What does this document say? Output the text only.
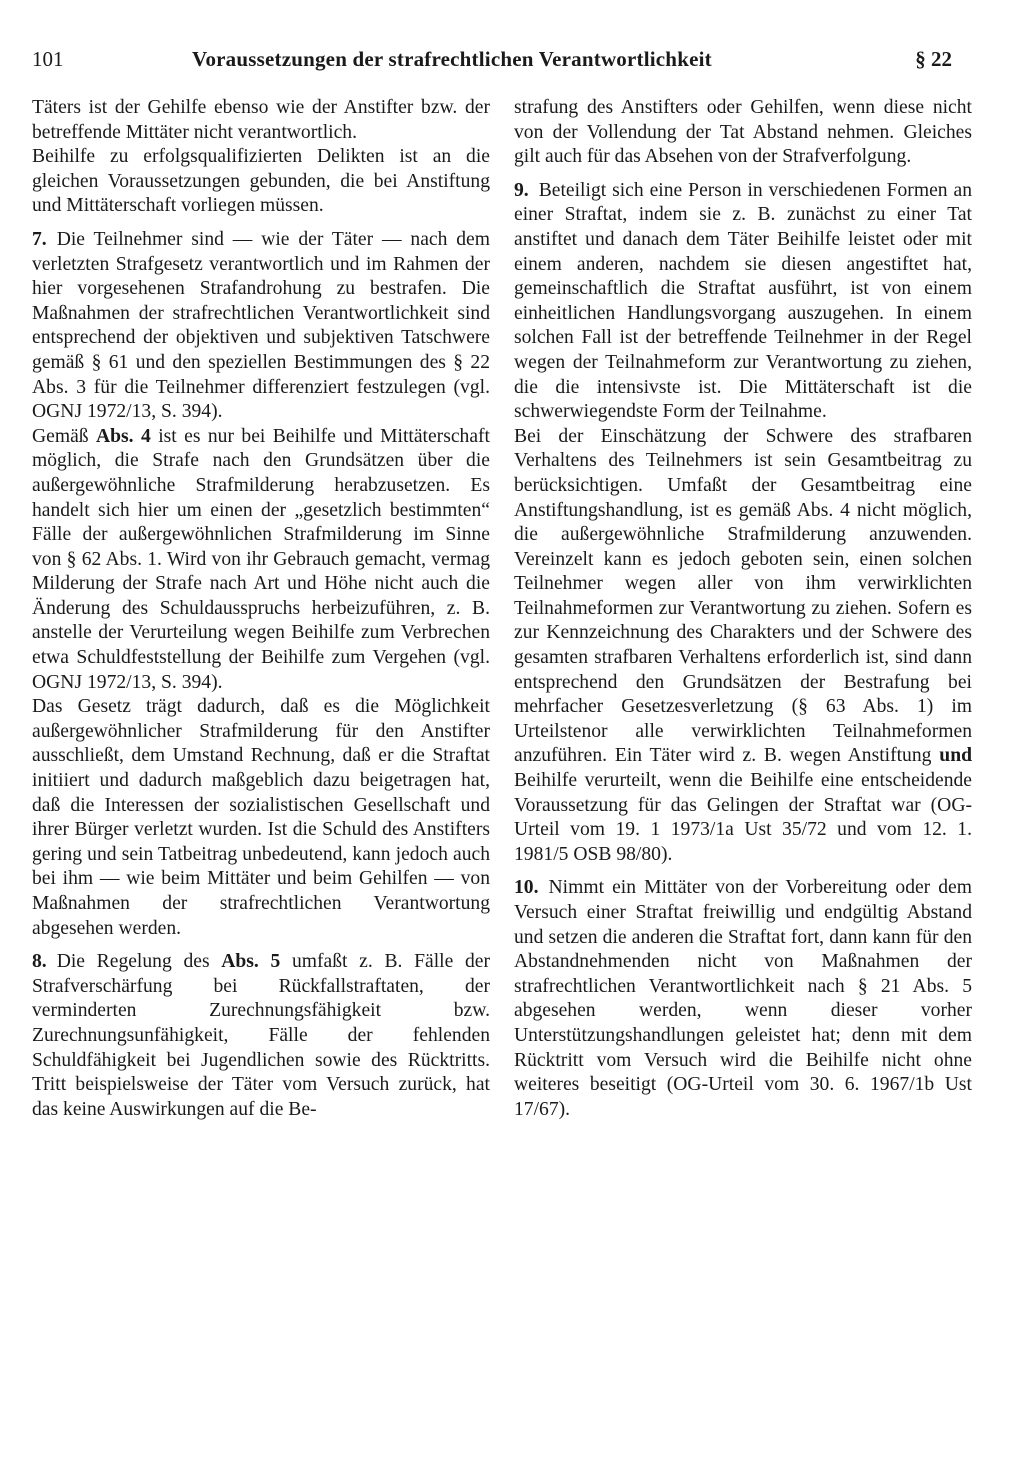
101	Voraussetzungen der strafrechtlichen Verantwortlichkeit	§ 22

Täters ist der Gehilfe ebenso wie der Anstifter bzw. der betreffende Mittäter nicht verantwortlich.

Beihilfe zu erfolgsqualifizierten Delikten ist an die gleichen Voraussetzungen gebunden, die bei Anstiftung und Mittäterschaft vorliegen müssen.

7. Die Teilnehmer sind — wie der Täter — nach dem verletzten Strafgesetz verantwortlich und im Rahmen der hier vorgesehenen Strafandrohung zu bestrafen. Die Maßnahmen der strafrechtlichen Verantwortlichkeit sind entsprechend der objektiven und subjektiven Tatschwere gemäß § 61 und den speziellen Bestimmungen des § 22 Abs. 3 für die Teilnehmer differenziert festzulegen (vgl. OGNJ 1972/13, S. 394).

Gemäß Abs. 4 ist es nur bei Beihilfe und Mittäterschaft möglich, die Strafe nach den Grundsätzen über die außergewöhnliche Strafmilderung herabzusetzen. Es handelt sich hier um einen der „gesetzlich bestimmten“ Fälle der außergewöhnlichen Strafmilderung im Sinne von § 62 Abs. 1. Wird von ihr Gebrauch gemacht, vermag Milderung der Strafe nach Art und Höhe nicht auch die Änderung des Schuldausspruchs herbeizuführen, z. B. anstelle der Verurteilung wegen Beihilfe zum Verbrechen etwa Schuldfeststellung der Beihilfe zum Vergehen (vgl. OGNJ 1972/13, S. 394).

Das Gesetz trägt dadurch, daß es die Möglichkeit außergewöhnlicher Strafmilderung für den Anstifter ausschließt, dem Umstand Rechnung, daß er die Straftat initiiert und dadurch maßgeblich dazu beigetragen hat, daß die Interessen der sozialistischen Gesellschaft und ihrer Bürger verletzt wurden. Ist die Schuld des Anstifters gering und sein Tatbeitrag unbedeutend, kann jedoch auch bei ihm — wie beim Mittäter und beim Gehilfen — von Maßnahmen der strafrechtlichen Verantwortung abgesehen werden.

8. Die Regelung des Abs. 5 umfaßt z. B. Fälle der Strafverschärfung bei Rückfallstraftaten, der verminderten Zurechnungsfähigkeit bzw. Zurechnungsunfähigkeit, Fälle der fehlenden Schuldfähigkeit bei Jugendlichen sowie des Rücktritts. Tritt beispielsweise der Täter vom Versuch zurück, hat das keine Auswirkungen auf die Be-

strafung des Anstifters oder Gehilfen, wenn diese nicht von der Vollendung der Tat Abstand nehmen. Gleiches gilt auch für das Absehen von der Strafverfolgung.

9. Beteiligt sich eine Person in verschiedenen Formen an einer Straftat, indem sie z. B. zunächst zu einer Tat anstiftet und danach dem Täter Beihilfe leistet oder mit einem anderen, nachdem sie diesen angestiftet hat, gemeinschaftlich die Straftat ausführt, ist von einem einheitlichen Handlungsvorgang auszugehen. In einem solchen Fall ist der betreffende Teilnehmer in der Regel wegen der Teilnahmeform zur Verantwortung zu ziehen, die die intensivste ist. Die Mittäterschaft ist die schwerwiegendste Form der Teilnahme.

Bei der Einschätzung der Schwere des strafbaren Verhaltens des Teilnehmers ist sein Gesamtbeitrag zu berücksichtigen. Umfaßt der Gesamtbeitrag eine Anstiftungshandlung, ist es gemäß Abs. 4 nicht möglich, die außergewöhnliche Strafmilderung anzuwenden. Vereinzelt kann es jedoch geboten sein, einen solchen Teilnehmer wegen aller von ihm verwirklichten Teilnahmeformen zur Verantwortung zu ziehen. Sofern es zur Kennzeichnung des Charakters und der Schwere des gesamten strafbaren Verhaltens erforderlich ist, sind dann entsprechend den Grundsätzen der Bestrafung bei mehrfacher Gesetzesverletzung (§ 63 Abs. 1) im Urteilstenor alle verwirklichten Teilnahmeformen anzuführen. Ein Täter wird z. B. wegen Anstiftung und Beihilfe verurteilt, wenn die Beihilfe eine entscheidende Voraussetzung für das Gelingen der Straftat war (OG-Urteil vom 19. 1 1973/1a Ust 35/72 und vom 12. 1. 1981/5 OSB 98/80).

10. Nimmt ein Mittäter von der Vorbereitung oder dem Versuch einer Straftat freiwillig und endgültig Abstand und setzen die anderen die Straftat fort, dann kann für den Abstandnehmenden nicht von Maßnahmen der strafrechtlichen Verantwortlichkeit nach § 21 Abs. 5 abgesehen werden, wenn dieser vorher Unterstützungshandlungen geleistet hat; denn mit dem Rücktritt vom Versuch wird die Beihilfe nicht ohne weiteres beseitigt (OG-Urteil vom 30. 6. 1967/1b Ust 17/67).
